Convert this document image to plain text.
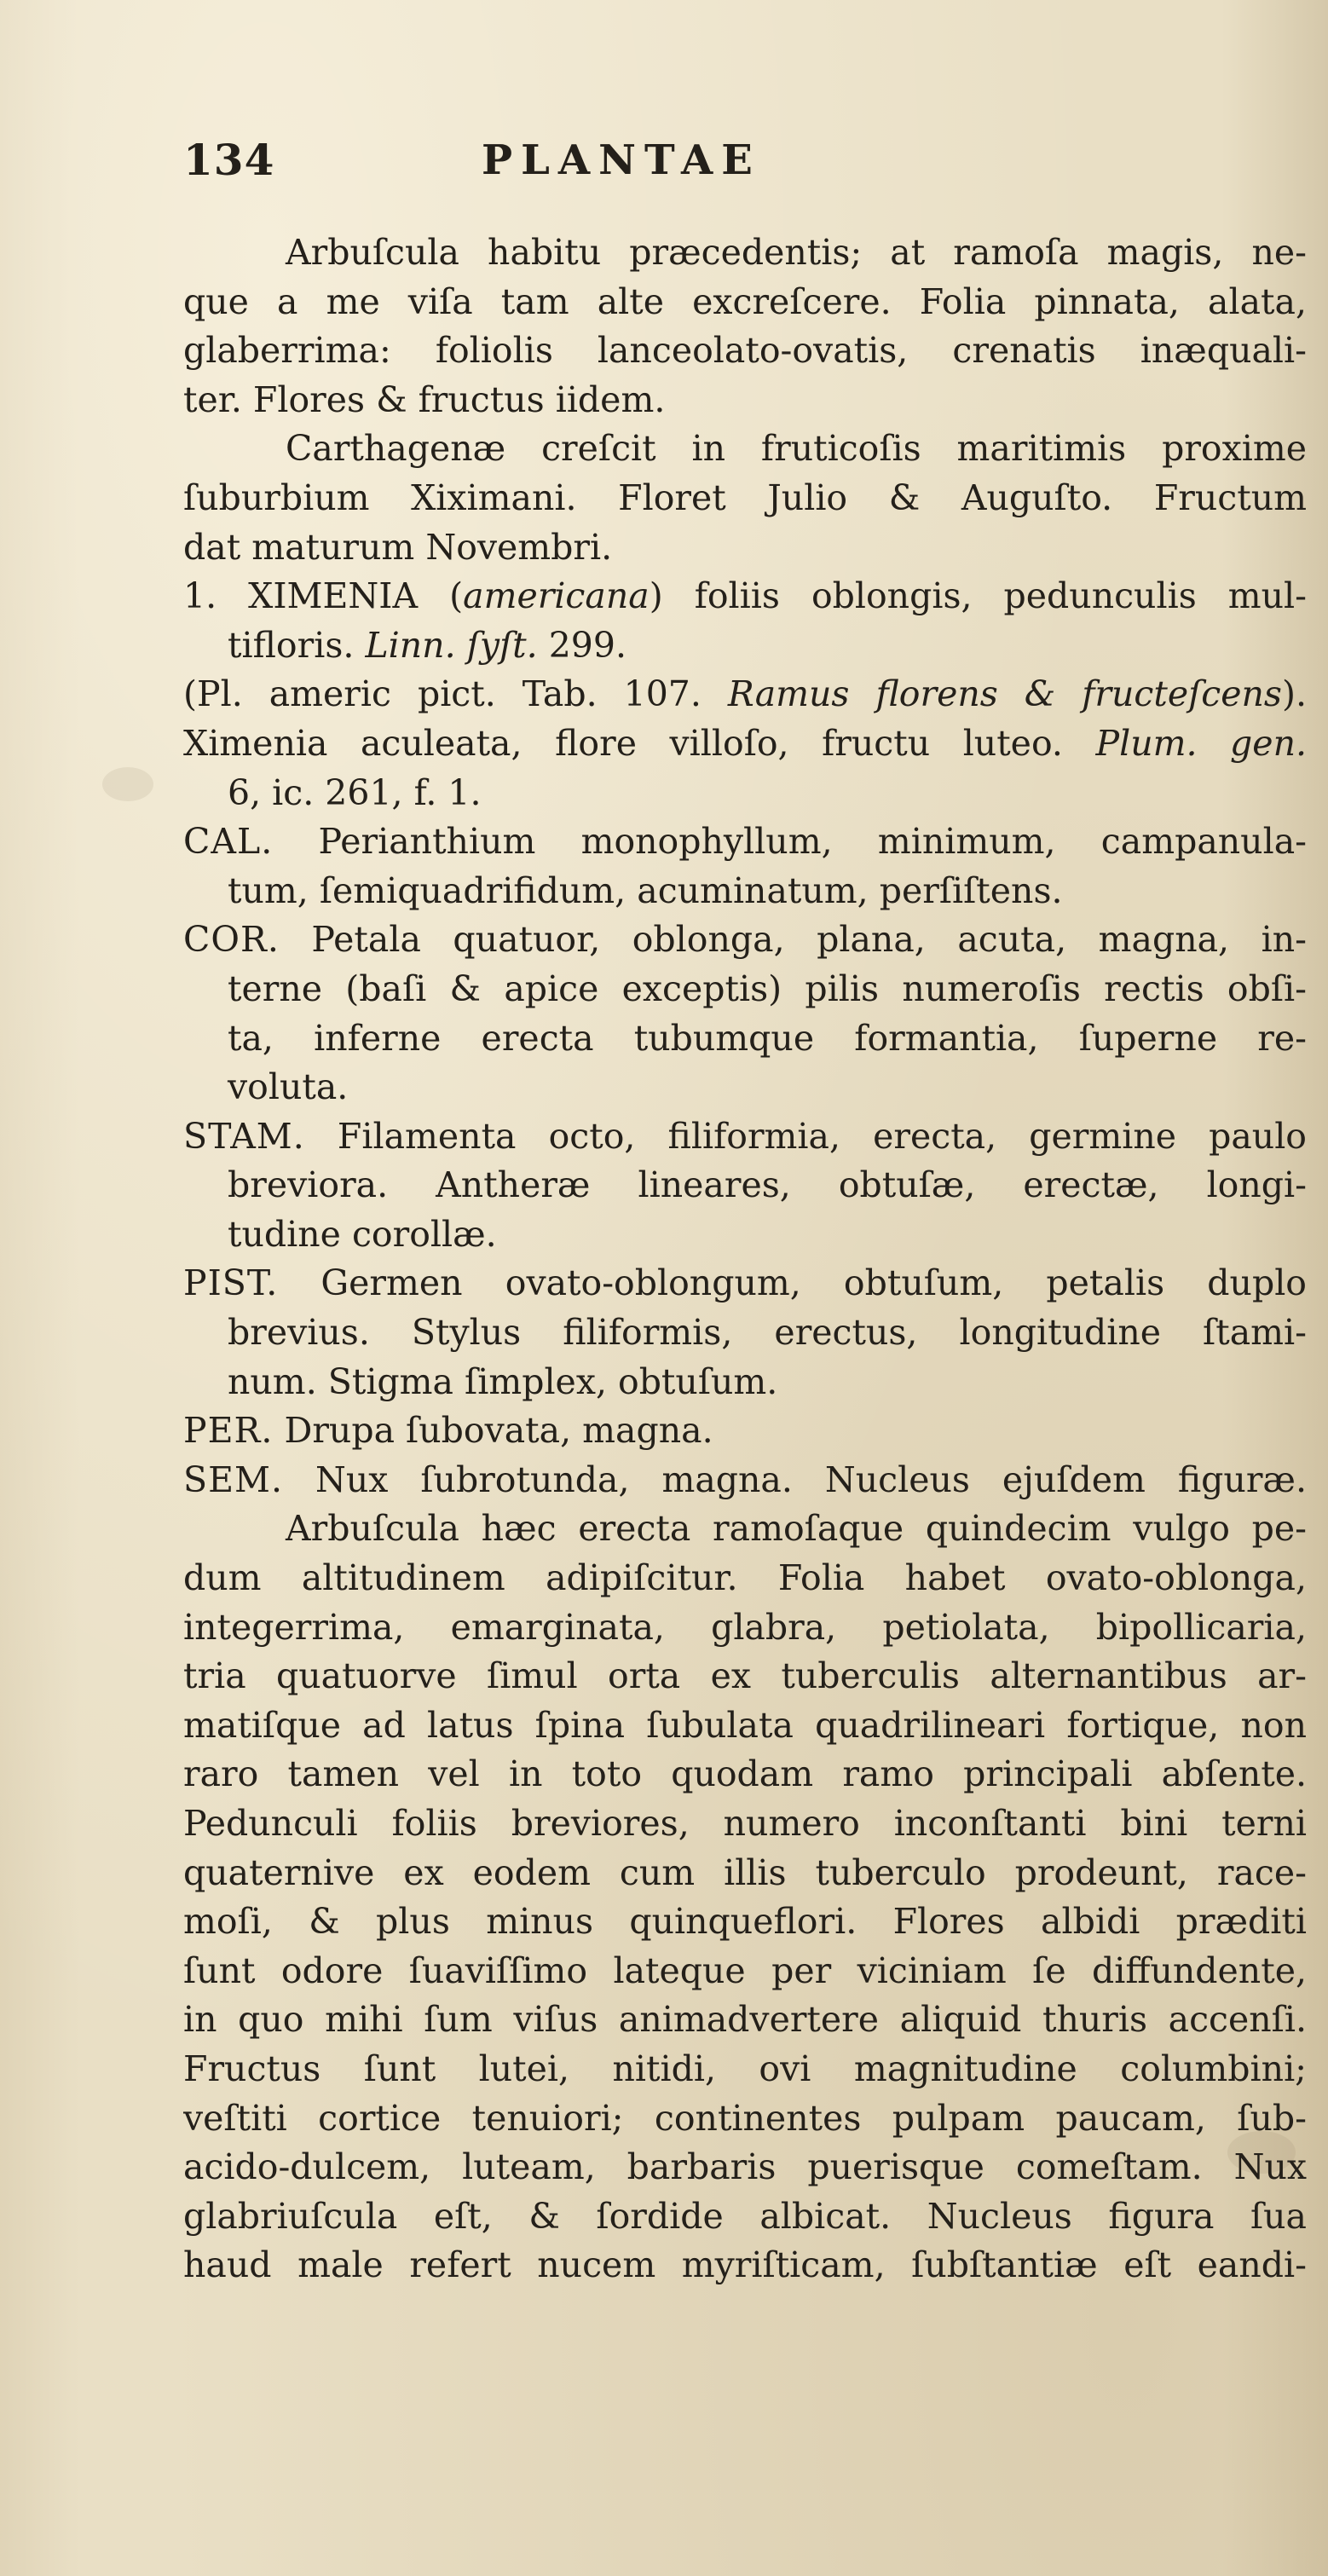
134	PLANTAE
Arbuſcula habitu præcedentis; at ramoſa magis, ne-
que a me viſa tam alte excreſcere. Folia pinnata, alata,
glaberrima: foliolis lanceolato-ovatis, crenatis inæquali-
ter. Flores & fructus iidem.
Carthagenæ creſcit in fruticoſis maritimis proxime
ſuburbium Xiximani. Floret Julio & Auguſto. Fructum
dat maturum Novembri.
1. XIMENIA (americana) foliis oblongis, pedunculis mul-
tifloris. Linn. ſyſt. 299.
(Pl. americ pict. Tab. 107. Ramus florens & fructeſcens).
Ximenia aculeata, flore villoſo, fructu luteo. Plum. gen.
6, ic. 261, f. 1.
CAL. Perianthium monophyllum, minimum, campanula-
tum, ſemiquadrifidum, acuminatum, perſiſtens.
COR. Petala quatuor, oblonga, plana, acuta, magna, in-
terne (baſi & apice exceptis) pilis numeroſis rectis obſi-
ta, inferne erecta tubumque formantia, ſuperne re-
voluta.
STAM. Filamenta octo, filiformia, erecta, germine paulo
breviora. Antheræ lineares, obtuſæ, erectæ, longi-
tudine corollæ.
PIST. Germen ovato-oblongum, obtuſum, petalis duplo
brevius. Stylus filiformis, erectus, longitudine ſtami-
num. Stigma ſimplex, obtuſum.
PER. Drupa ſubovata, magna.
SEM. Nux ſubrotunda, magna. Nucleus ejuſdem figuræ.
Arbuſcula hæc erecta ramoſaque quindecim vulgo pe-
dum altitudinem adipiſcitur. Folia habet ovato-oblonga,
integerrima, emarginata, glabra, petiolata, bipollicaria,
tria quatuorve ſimul orta ex tuberculis alternantibus ar-
matiſque ad latus ſpina ſubulata quadrilineari fortique, non
raro tamen vel in toto quodam ramo principali abſente.
Pedunculi foliis breviores, numero inconſtanti bini terni
quaternive ex eodem cum illis tuberculo prodeunt, race-
moſi, & plus minus quinqueflori. Flores albidi præditi
ſunt odore ſuaviſſimo lateque per viciniam ſe diffundente,
in quo mihi ſum viſus animadvertere aliquid thuris accenſi.
Fructus ſunt lutei, nitidi, ovi magnitudine columbini;
veſtiti cortice tenuiori; continentes pulpam paucam, ſub-
acido-dulcem, luteam, barbaris puerisque comeſtam. Nux
glabriuſcula eſt, & ſordide albicat. Nucleus figura ſua
haud male refert nucem myriſticam, ſubſtantiæ eſt eandi-
